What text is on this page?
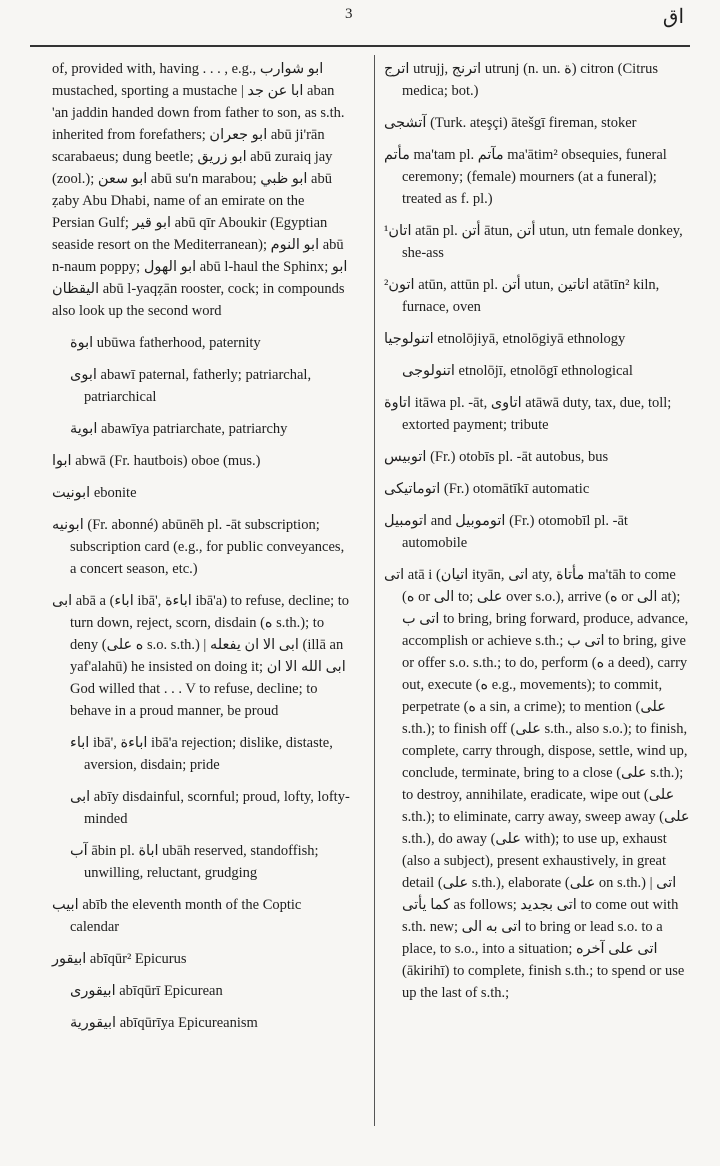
3	اق

of, provided with, having . . . , e.g., ابو شوارب mustached, sporting a mustache | ابا عن جد aban 'an jaddin handed down from father to son, as s.th. inherited from forefathers; ابو جعران abū ji'rān scarabaeus; dung beetle; ابو زريق abū zuraiq jay (zool.); ابو سعن abū su'n marabou; ابو ظبي abū ẓaby Abu Dhabi, name of an emirate on the Persian Gulf; ابو قير abū qīr Aboukir (Egyptian seaside resort on the Mediterranean); ابو النوم abū n-naum poppy; ابو الهول abū l-haul the Sphinx; ابو اليقظان abū l-yaqẓān rooster, cock; in compounds also look up the second word

ابوة ubūwa fatherhood, paternity

ابوى abawī paternal, fatherly; patriarchal, patriarchical

ابوية abawīya patriarchate, patriarchy

ابوا abwā (Fr. hautbois) oboe (mus.)

ابونيت ebonite

ابونيه (Fr. abonné) abūnēh pl. -āt subscription; subscription card (e.g., for public conveyances, a concert season, etc.)

ابى abā a (اباء ibā', اباءة ibā'a) to refuse, decline; to turn down, reject, scorn, disdain (ه s.th.); to deny (ه على s.o. s.th.) | ابى الا ان يفعله (illā an yaf'alahū) he insisted on doing it; ابى الله الا ان God willed that . . . V to refuse, decline; to behave in a proud manner, be proud

اباء ibā', اباءة ibā'a rejection; dislike, distaste, aversion, disdain; pride

ابى abīy disdainful, scornful; proud, lofty, lofty-minded

آب ābin pl. اباة ubāh reserved, standoffish; unwilling, reluctant, grudging

ابيب abīb the eleventh month of the Coptic calendar

ابيقور abīqūr² Epicurus

ابيقورى abīqūrī Epicurean

ابيقورية abīqūrīya Epicureanism

اترج utrujj, اترنج utrunj (n. un. ة) citron (Citrus medica; bot.)

آتشجى (Turk. ateşçi) ātešgī fireman, stoker

مأتم ma'tam pl. مآتم ma'ātim² obsequies, funeral ceremony; (female) mourners (at a funeral); treated as f. pl.)

¹اتان atān pl. أتن ātun, أتن utun, utn female donkey, she-ass

²اتون atūn, attūn pl. أتن utun, اتاتين atātīn² kiln, furnace, oven

اتنولوجيا etnolōjiyā, etnolōgiyā ethnology

اتنولوجى etnolōjī, etnolōgī ethnological

اتاوة itāwa pl. -āt, اتاوى atāwā duty, tax, due, toll; extorted payment; tribute

اتوبيس (Fr.) otobīs pl. -āt autobus, bus

اتوماتيكى (Fr.) otomātīkī automatic

اتومبيل and اتوموبيل (Fr.) otomobīl pl. -āt automobile

اتى atā i (اتيان ityān, اتى aty, مأتاة ma'tāh to come (ه or الى to; على over s.o.), arrive (ه or الى at); اتى ب to bring, bring forward, produce, advance, accomplish or achieve s.th.; اتى ب to bring, give or offer s.o. s.th.; to do, perform (ه a deed), carry out, execute (ه e.g., movements); to commit, perpetrate (ه a sin, a crime); to mention (على s.th.); to finish off (على s.th., also s.o.); to finish, complete, carry through, dispose, settle, wind up, conclude, terminate, bring to a close (على s.th.); to destroy, annihilate, eradicate, wipe out (على s.th.); to eliminate, carry away, sweep away (على s.th.), do away (على with); to use up, exhaust (also a subject), present exhaustively, in great detail (على s.th.), elaborate (على on s.th.) | اتى كما يأتى as follows; اتى بجديد to come out with s.th. new; اتى به الى to bring or lead s.o. to a place, to s.o., into a situation; اتى على آخره (ākirihī) to complete, finish s.th.; to spend or use up the last of s.th.;
